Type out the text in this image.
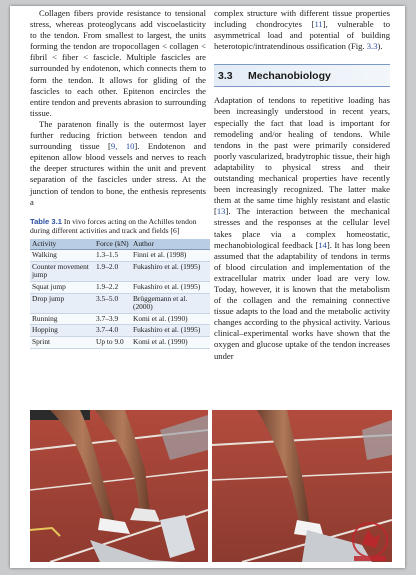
Collagen fibers provide resistance to tensional stress, whereas proteoglycans add viscoelasticity to the tendon. From smallest to largest, the units forming the tendon are tropocollagen < collagen < fibril < fiber < fascicle. Multiple fascicles are surrounded by endotenon, which connects them to form the tendon. It allows for gliding of the fascicles to each other. Epitenon encircles the entire tendon and prevents abrasion to surrounding tissue.

The paratenon finally is the outermost layer further reducing friction between tendon and surrounding tissue [9, 10]. Endotenon and epitenon allow blood vessels and nerves to reach the deeper structures within the unit and prevent separation of the fascicles under stress. At the junction of tendon to bone, the enthesis represents a

Table 3.1 In vivo forces acting on the Achilles tendon during different activities and track and fields [6]
Activity	Force (kN)	Author
Walking	1.3–1.5	Finni et al. (1998)
Counter movement jump	1.9–2.0	Fukashiro et al. (1995)
Squat jump	1.9–2.2	Fukashiro et al. (1995)
Drop jump	3.5–5.0	Brüggemann et al. (2000)
Running	3.7–3.9	Komi et al. (1990)
Hopping	3.7–4.0	Fukashiro et al. (1995)
Sprint	Up to 9.0	Komi et al. (1990)

complex structure with different tissue properties including chondrocytes [11], vulnerable to asymmetrical load and potential of building heterotopic/intratendinous ossification (Fig. 3.3).

3.3 Mechanobiology

Adaptation of tendons to repetitive loading has been increasingly understood in recent years, especially the fact that load is important for remodeling and/or healing of tendons. While tendons in the past were primarily considered poorly vascularized, bradytrophic tissue, their high adaptability to physical stress and their outstanding mechanical properties have recently been increasingly recognized. The latter make them at the same time highly resistant and elastic [13]. The interaction between the mechanical stresses and the responses at the cellular level takes place via a complex homeostatic, mechanobiological feedback [14]. It has long been assumed that the adaptability of tendons in terms of blood circulation and implementation of the extracellular matrix under load are very low. Today, however, it is known that the metabolism of the collagen and the remaining connective tissue adapts to the load and the metabolic activity changes according to the physical activity. Various clinical–experimental works have shown that the oxygen and glucose uptake of the tendon increases under
